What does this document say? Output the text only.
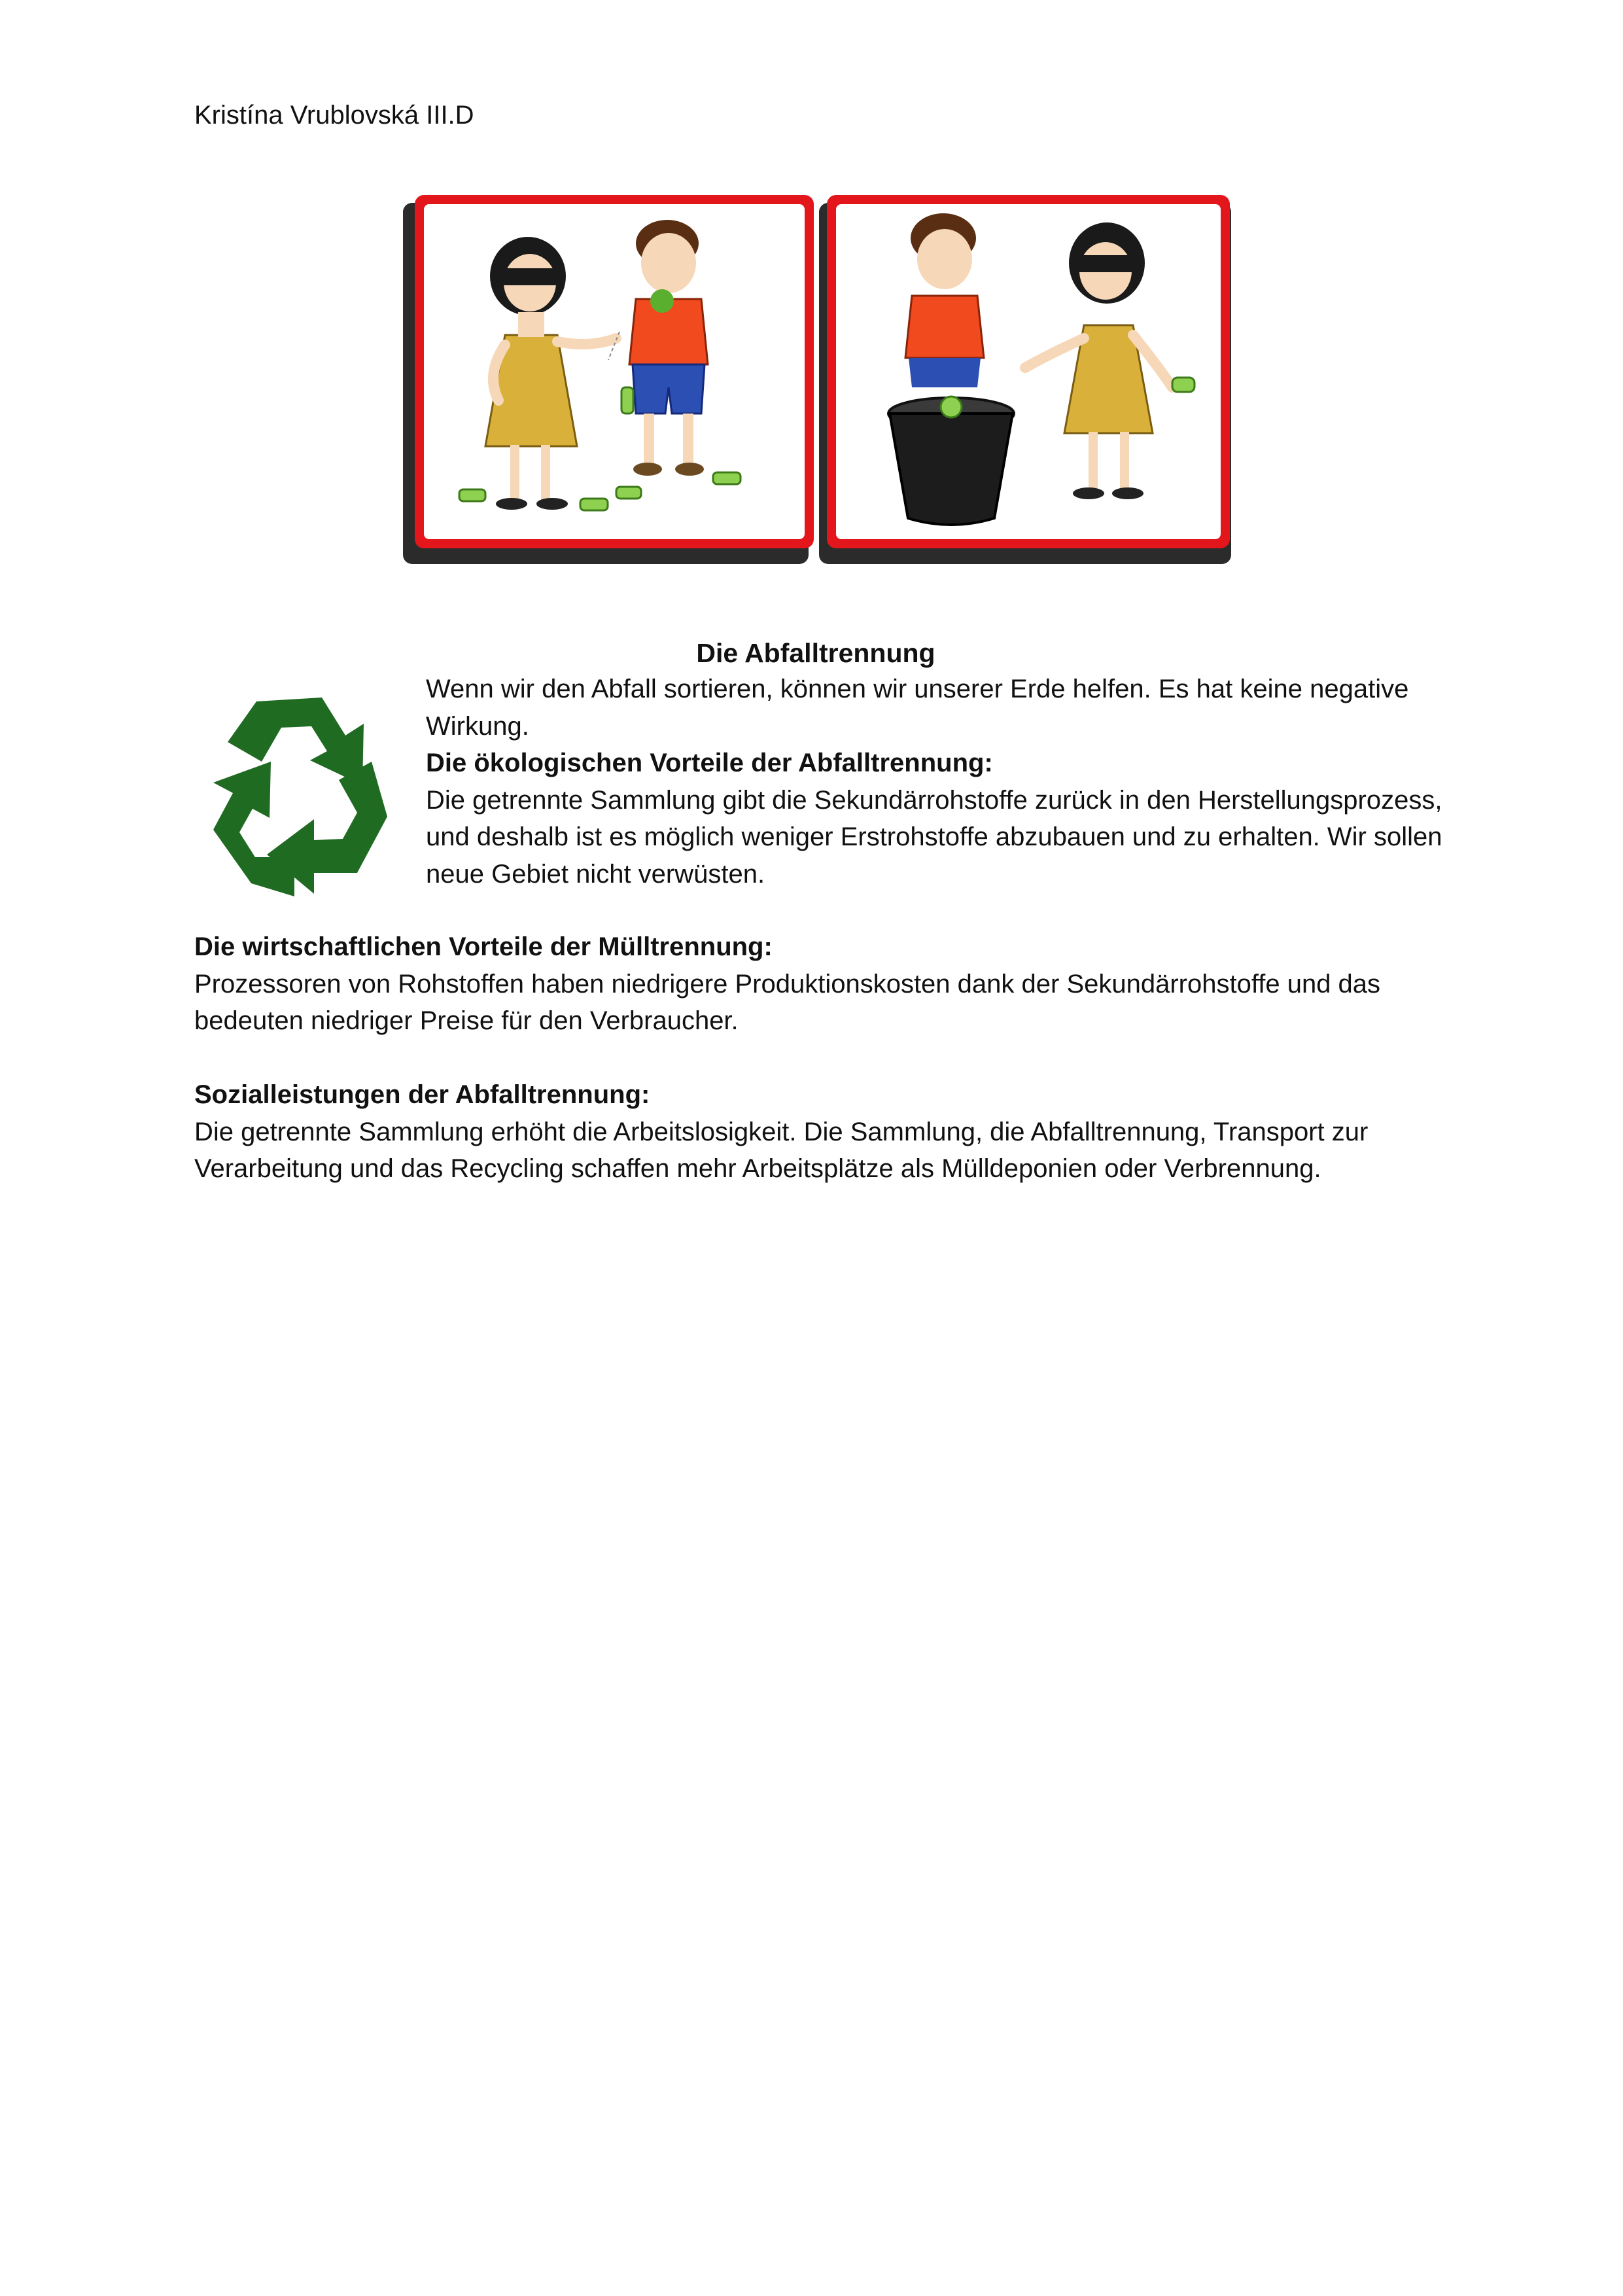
Kristína Vrublovská III.D
Die Abfalltrennung

Wenn wir den Abfall sortieren, können wir unserer Erde helfen. Es hat keine negative Wirkung.

Die ökologischen Vorteile der Abfalltrennung:

Die getrennte Sammlung gibt die Sekundärrohstoffe zurück in den Herstellungsprozess, und deshalb ist es möglich weniger Erstrohstoffe abzubauen und zu erhalten. Wir sollen neue Gebiet nicht verwüsten.

Die wirtschaftlichen Vorteile der Mülltrennung:

Prozessoren von Rohstoffen haben niedrigere Produktionskosten dank der Sekundärrohstoffe und das bedeuten niedriger Preise für den Verbraucher.

Sozialleistungen der Abfalltrennung:

Die getrennte Sammlung erhöht die Arbeitslosigkeit. Die Sammlung, die Abfalltrennung, Transport zur Verarbeitung und das Recycling schaffen mehr Arbeitsplätze als Mülldeponien oder Verbrennung.
